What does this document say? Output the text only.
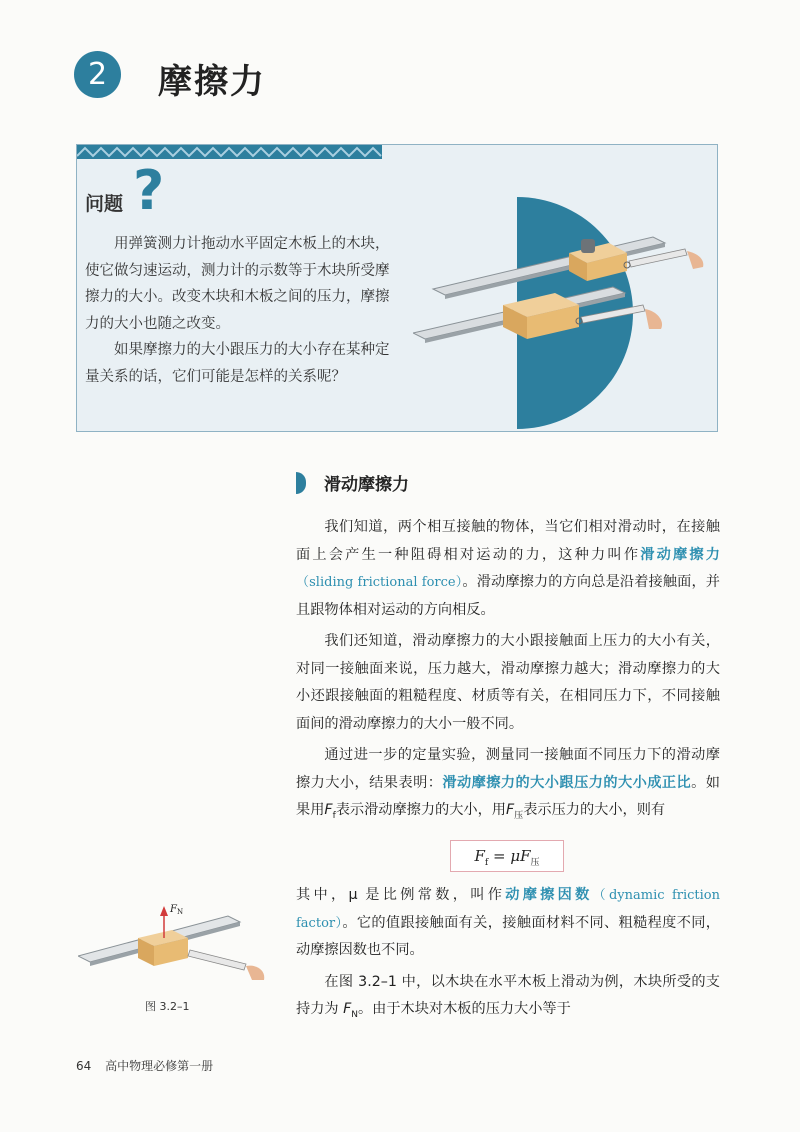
2	摩擦力
问题 ?

用弹簧测力计拖动水平固定木板上的木块，使它做匀速运动，测力计的示数等于木块所受摩擦力的大小。改变木块和木板之间的压力，摩擦力的大小也随之改变。

如果摩擦力的大小跟压力的大小存在某种定量关系的话，它们可能是怎样的关系呢？

滑动摩擦力

我们知道，两个相互接触的物体，当它们相对滑动时，在接触面上会产生一种阻碍相对运动的力，这种力叫作滑动摩擦力（sliding frictional force）。滑动摩擦力的方向总是沿着接触面，并且跟物体相对运动的方向相反。

我们还知道，滑动摩擦力的大小跟接触面上压力的大小有关，对同一接触面来说，压力越大，滑动摩擦力越大；滑动摩擦力的大小还跟接触面的粗糙程度、材质等有关，在相同压力下，不同接触面间的滑动摩擦力的大小一般不同。

通过进一步的定量实验，测量同一接触面不同压力下的滑动摩擦力大小，结果表明：滑动摩擦力的大小跟压力的大小成正比。如果用$F_f$表示滑动摩擦力的大小，用$F_压$表示压力的大小，则有

$F_f = \mu F_压$

其中，μ 是比例常数，叫作动摩擦因数（dynamic friction factor）。它的值跟接触面有关，接触面材料不同、粗糙程度不同，动摩擦因数也不同。

在图 3.2–1 中，以木块在水平木板上滑动为例，木块所受的支持力为 $F_N$。由于木块对木板的压力大小等于

$F_N$
图 3.2–1
64 高中物理必修第一册
